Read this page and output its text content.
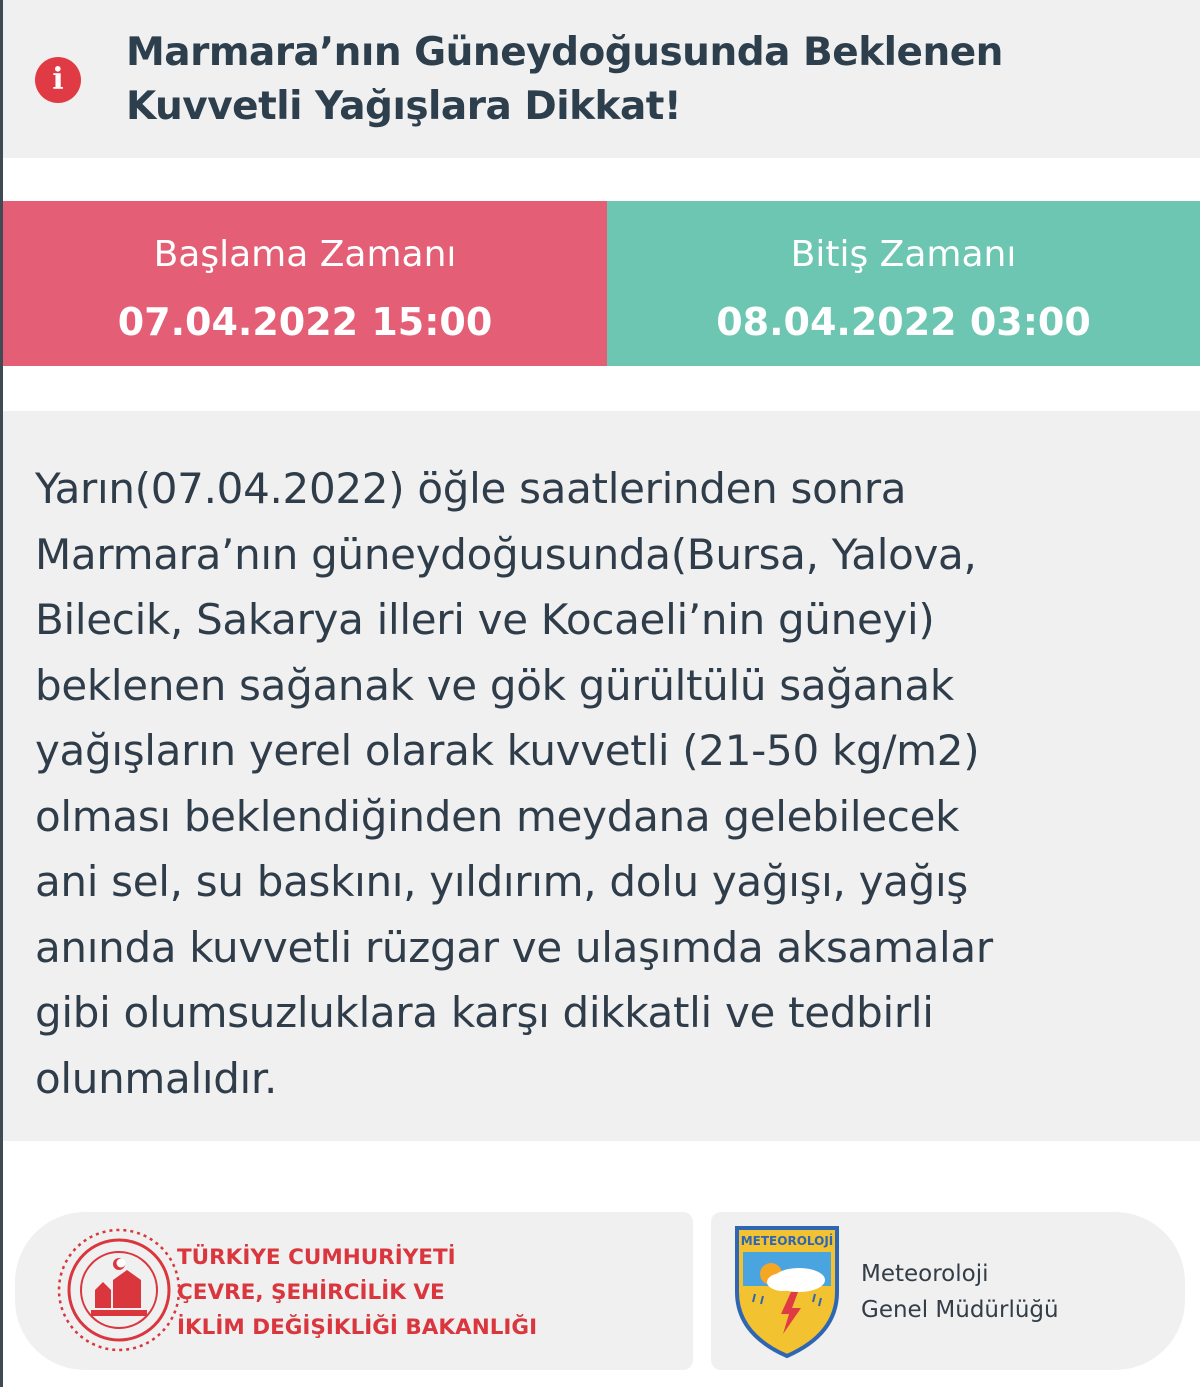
i
Marmara’nın Güneydoğusunda Beklenen
Kuvvetli Yağışlara Dikkat!
Başlama Zamanı
07.04.2022 15:00
Bitiş Zamanı
08.04.2022 03:00

Yarın(07.04.2022) öğle saatlerinden sonra
Marmara’nın güneydoğusunda(Bursa, Yalova,
Bilecik, Sakarya illeri ve Kocaeli’nin güneyi)
beklenen sağanak ve gök gürültülü sağanak
yağışların yerel olarak kuvvetli (21-50 kg/m2)
olması beklendiğinden meydana gelebilecek
ani sel, su baskını, yıldırım, dolu yağışı, yağış
anında kuvvetli rüzgar ve ulaşımda aksamalar
gibi olumsuzluklara karşı dikkatli ve tedbirli
olunmalıdır.

TÜRKİYE CUMHURİYETİ
ÇEVRE, ŞEHİRCİLİK VE
İKLİM DEĞİŞİKLİĞİ BAKANLIĞI
METEOROLOJİ
Meteoroloji
Genel Müdürlüğü
